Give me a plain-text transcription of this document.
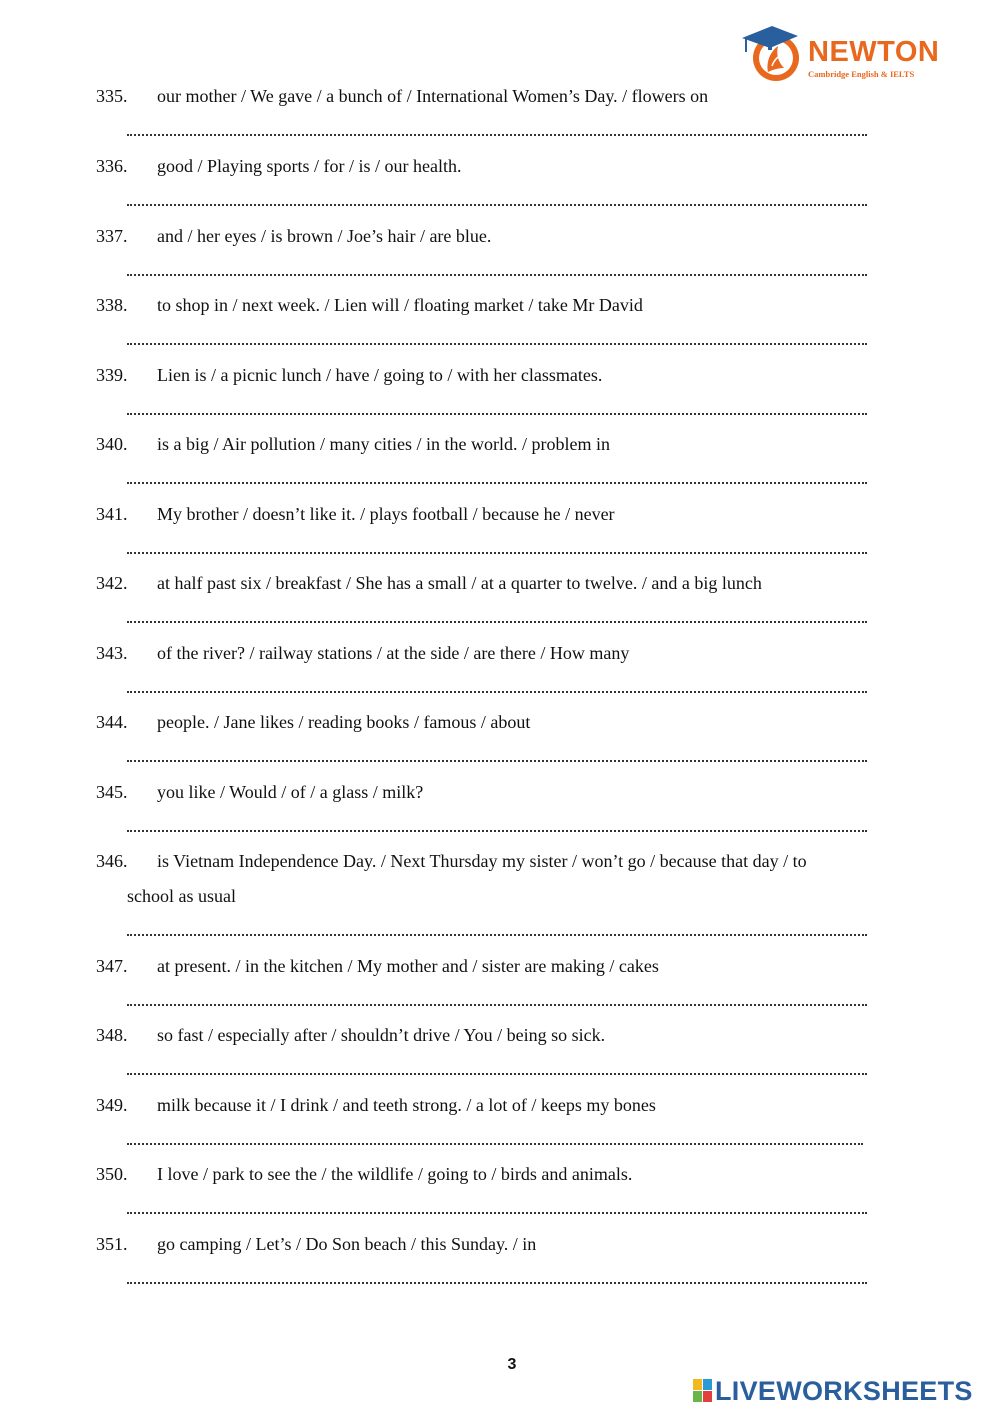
NEWTON
Cambridge English & IELTS
335. our mother / We gave / a bunch of / International Women’s Day. / flowers on
336. good / Playing sports / for / is / our health.
337. and / her eyes / is brown / Joe’s hair / are blue.
338. to shop in / next week. / Lien will / floating market / take Mr David
339. Lien is / a picnic lunch / have / going to / with her classmates.
340. is a big / Air pollution / many cities / in the world. / problem in
341. My brother / doesn’t like it. / plays football / because he / never
342. at half past six / breakfast / She has a small / at a quarter to twelve. / and a big lunch
343. of the river? / railway stations / at the side / are there / How many
344. people. / Jane likes / reading books / famous / about
345. you like / Would / of / a glass / milk?
346. is Vietnam Independence Day. / Next Thursday my sister / won’t go / because that day / to
school as usual
347. at present. / in the kitchen / My mother and / sister are making / cakes
348. so fast / especially after / shouldn’t drive / You / being so sick.
349. milk because it / I drink / and teeth strong. / a lot of / keeps my bones
350. I love / park to see the / the wildlife / going to / birds and animals.
351. go camping / Let’s / Do Son beach / this Sunday. / in
3
LIVEWORKSHEETS
